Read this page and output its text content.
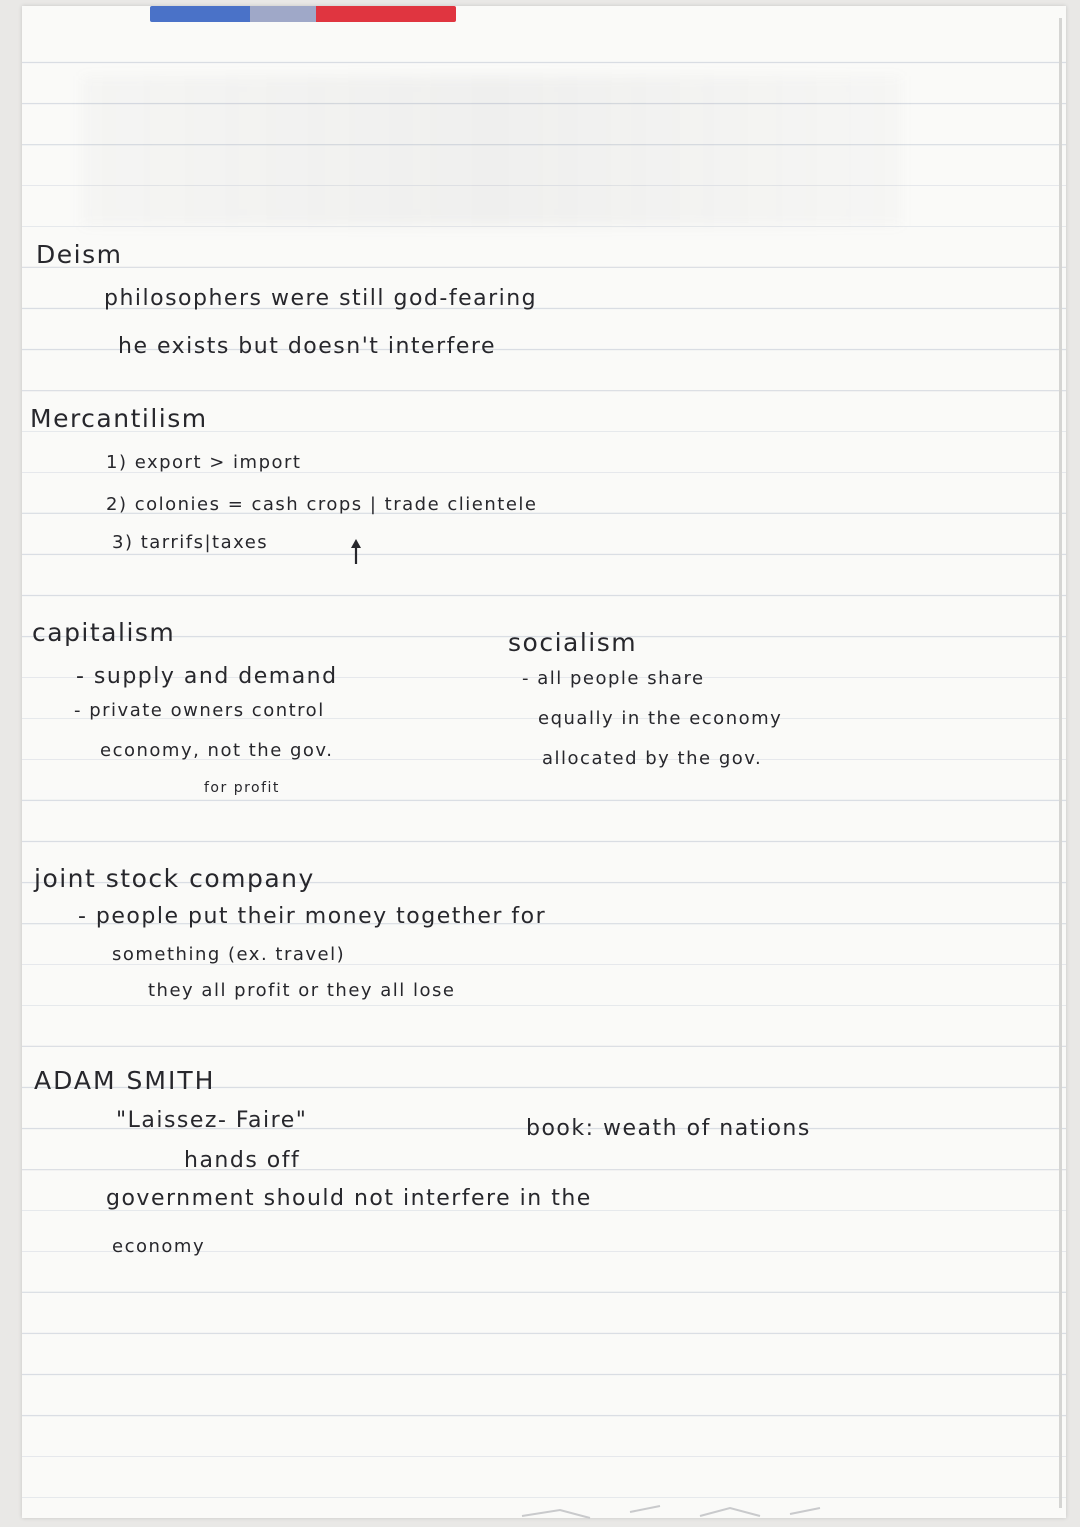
Deism
philosophers were still god-fearing
he exists but doesn't interfere
Mercantilism
1) export > import
2) colonies = cash crops | trade clientele
3) tarrifs|taxes
capitalism
- supply and demand
- private owners control
economy, not the gov.
for profit
socialism
- all people share
equally in the economy
allocated by the gov.
joint stock company
- people put their money together for
something (ex. travel)
they all profit or they all lose
ADAM SMITH
"Laissez- Faire"	book: weath of nations
hands off
government should not interfere in the
economy
